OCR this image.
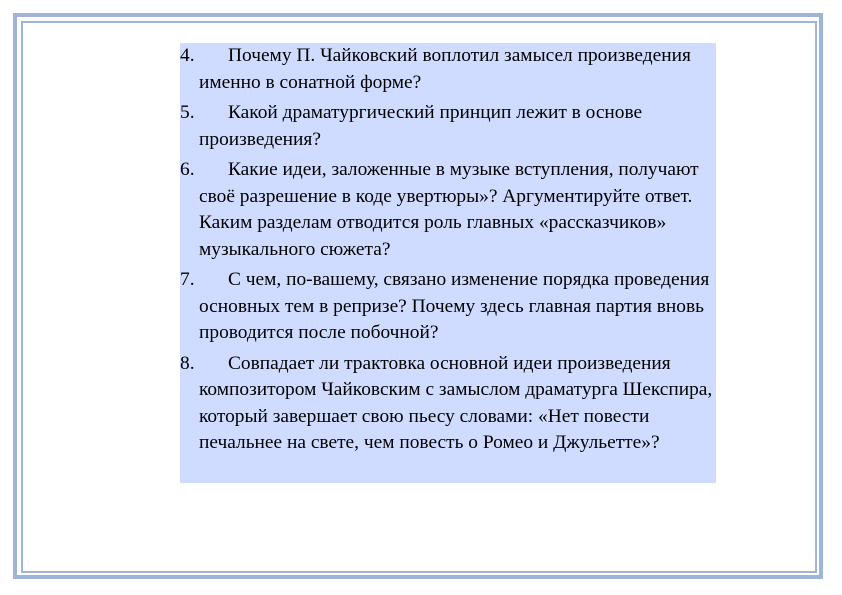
4.	Почему П. Чайковский воплотил замысел произведения именно в сонатной форме?
5.	Какой драматургический принцип лежит в основе произведения?
6.	Какие идеи, заложенные в музыке вступления, получают своё разрешение в коде увертюры»? Аргументируйте ответ. Каким разделам отводится роль главных «рассказчиков» музыкального сюжета?
7.	С чем, по-вашему, связано изменение порядка проведения основных тем в репризе? Почему здесь главная партия вновь проводится после побочной?
8.	Совпадает ли трактовка основной идеи произведения композитором Чайковским с замыслом драматурга Шекспира, который завершает свою пьесу словами: «Нет повести печальнее на свете, чем повесть о Ромео и Джульетте»?
